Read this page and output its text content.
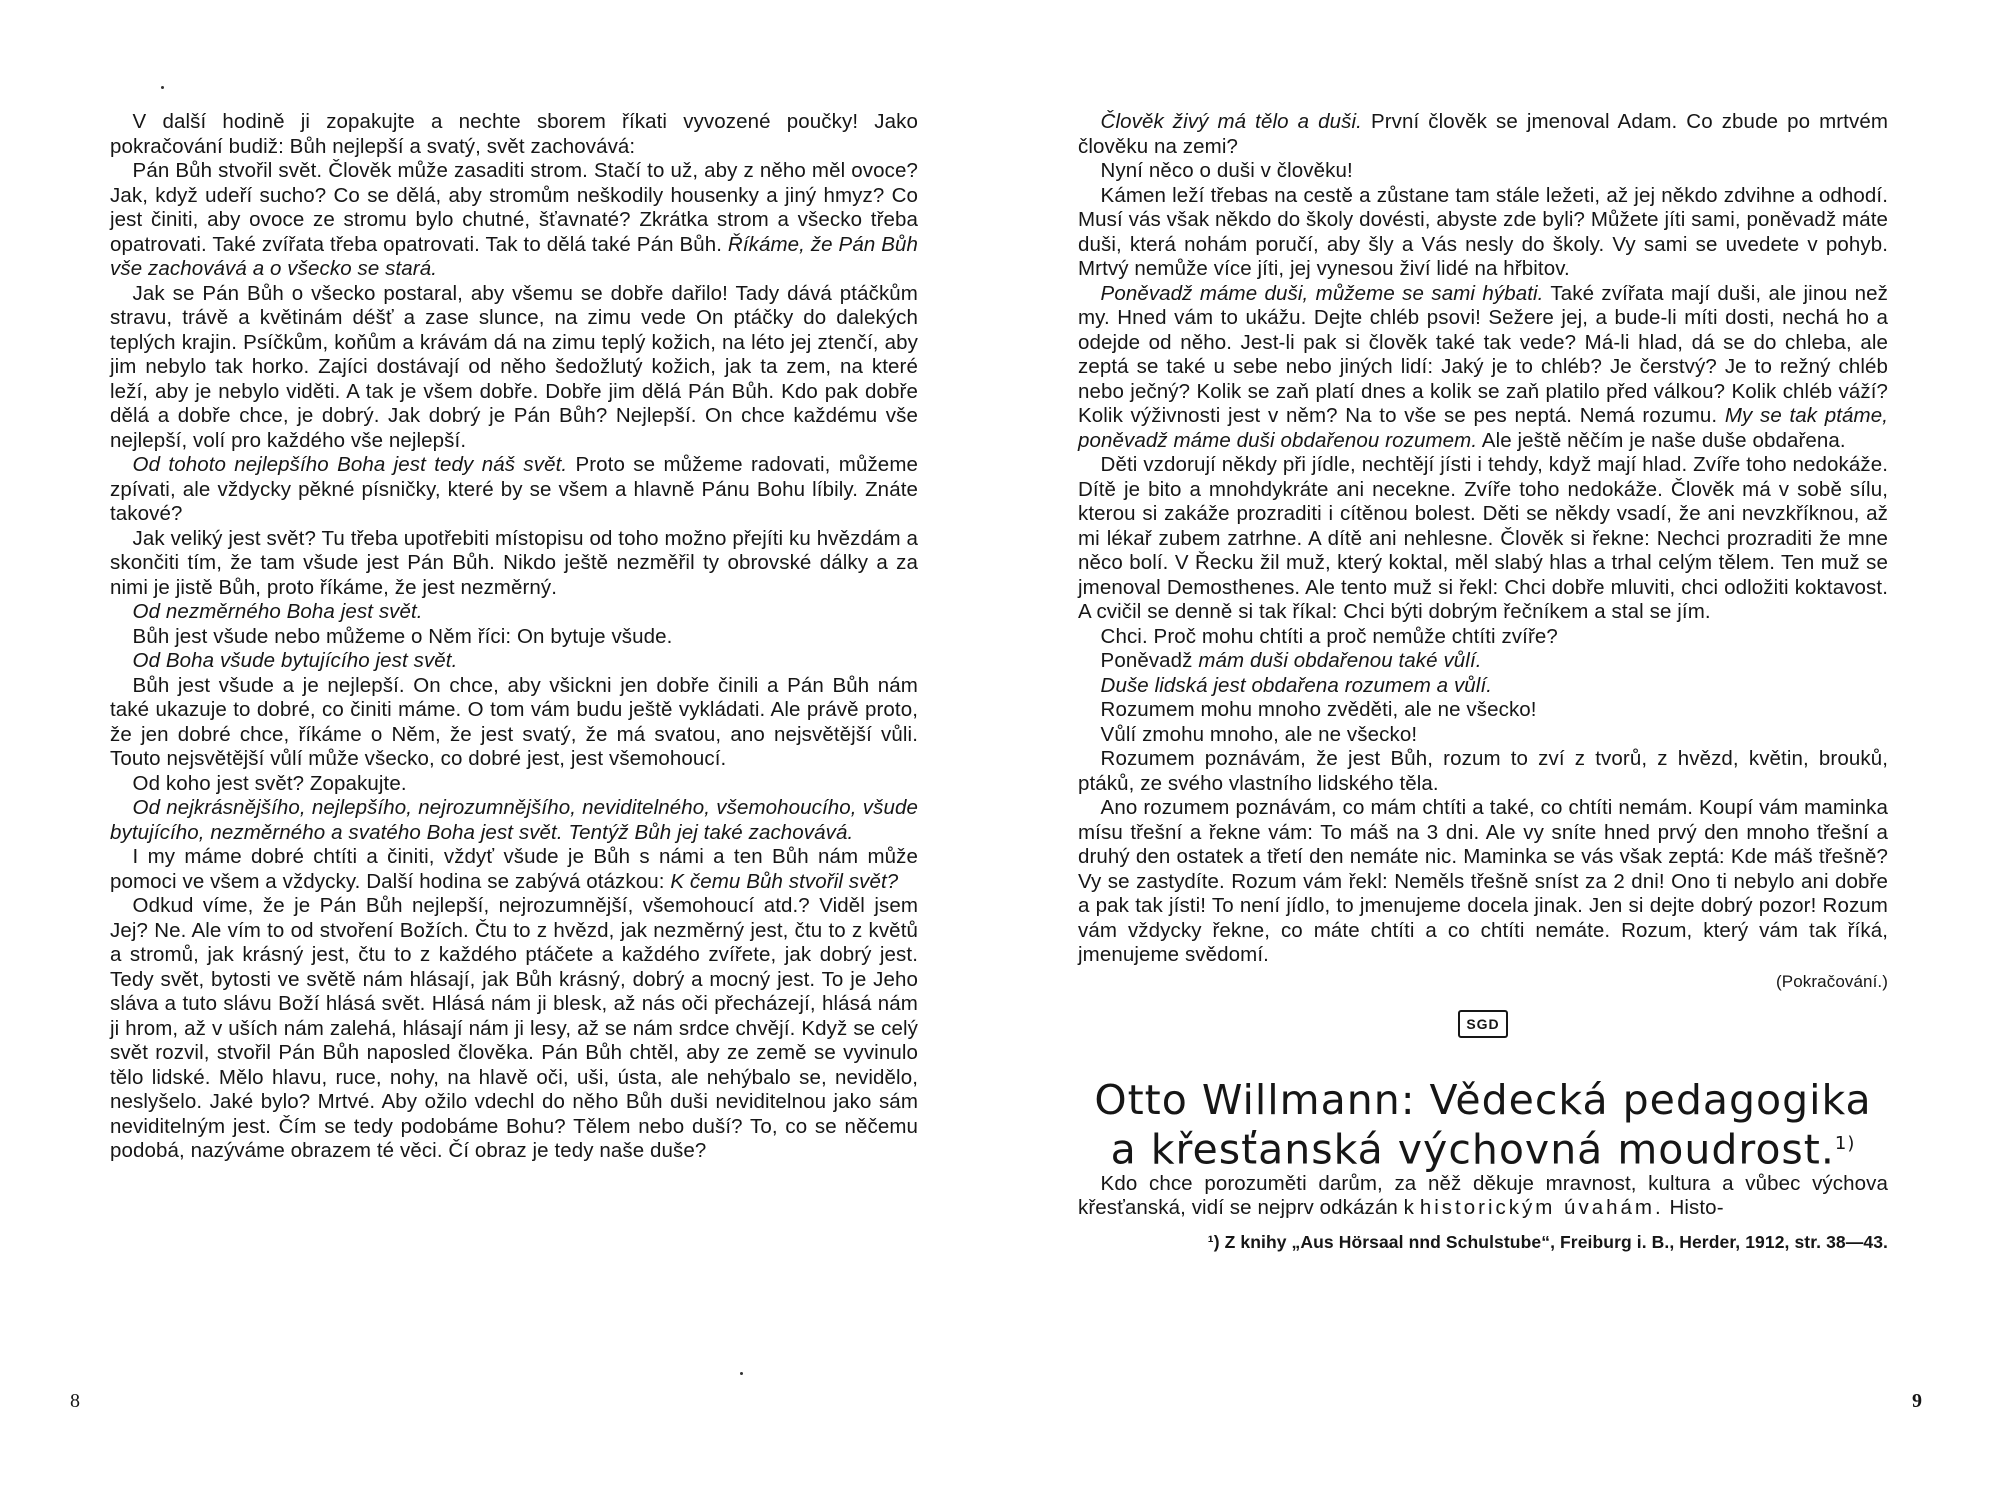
V další hodině ji zopakujte a nechte sborem říkati vyvozené poučky! Jako pokračování budiž: Bůh nejlepší a svatý, svět zachovává:

Pán Bůh stvořil svět. Člověk může zasaditi strom. Stačí to už, aby z něho měl ovoce? Jak, když udeří sucho? Co se dělá, aby stromům neškodily housenky a jiný hmyz? Co jest činiti, aby ovoce ze stromu bylo chutné, šťavnaté? Zkrátka strom a všecko třeba opatrovati. Také zvířata třeba opatrovati. Tak to dělá také Pán Bůh. Říkáme, že Pán Bůh vše zachovává a o všecko se stará.

Jak se Pán Bůh o všecko postaral, aby všemu se dobře dařilo! Tady dává ptáčkům stravu, trávě a květinám déšť a zase slunce, na zimu vede On ptáčky do dalekých teplých krajin. Psíčkům, koňům a krávám dá na zimu teplý kožich, na léto jej ztenčí, aby jim nebylo tak horko. Zajíci dostávají od něho šedožlutý kožich, jak ta zem, na které leží, aby je nebylo viděti. A tak je všem dobře. Dobře jim dělá Pán Bůh. Kdo pak dobře dělá a dobře chce, je dobrý. Jak dobrý je Pán Bůh? Nejlepší. On chce každému vše nejlepší, volí pro každého vše nejlepší.

Od tohoto nejlepšího Boha jest tedy náš svět. Proto se můžeme radovati, můžeme zpívati, ale vždycky pěkné písničky, které by se všem a hlavně Pánu Bohu líbily. Znáte takové?

Jak veliký jest svět? Tu třeba upotřebiti místopisu od toho možno přejíti ku hvězdám a skončiti tím, že tam všude jest Pán Bůh. Nikdo ještě nezměřil ty obrovské dálky a za nimi je jistě Bůh, proto říkáme, že jest nezměrný.

Od nezměrného Boha jest svět.

Bůh jest všude nebo můžeme o Něm říci: On bytuje všude.

Od Boha všude bytujícího jest svět.

Bůh jest všude a je nejlepší. On chce, aby všickni jen dobře činili a Pán Bůh nám také ukazuje to dobré, co činiti máme. O tom vám budu ještě vykládati. Ale právě proto, že jen dobré chce, říkáme o Něm, že jest svatý, že má svatou, ano nejsvětější vůli. Touto nejsvětější vůlí může všecko, co dobré jest, jest všemohoucí.

Od koho jest svět? Zopakujte.

Od nejkrásnějšího, nejlepšího, nejrozumnějšího, neviditelného, všemohoucího, všude bytujícího, nezměrného a svatého Boha jest svět. Tentýž Bůh jej také zachovává.

I my máme dobré chtíti a činiti, vždyť všude je Bůh s námi a ten Bůh nám může pomoci ve všem a vždycky. Další hodina se zabývá otázkou: K čemu Bůh stvořil svět?

Odkud víme, že je Pán Bůh nejlepší, nejrozumnější, všemohoucí atd.? Viděl jsem Jej? Ne. Ale vím to od stvoření Božích. Čtu to z hvězd, jak nezměrný jest, čtu to z květů a stromů, jak krásný jest, čtu to z každého ptáčete a každého zvířete, jak dobrý jest. Tedy svět, bytosti ve světě nám hlásají, jak Bůh krásný, dobrý a mocný jest. To je Jeho sláva a tuto slávu Boží hlásá svět. Hlásá nám ji blesk, až nás oči přecházejí, hlásá nám ji hrom, až v uších nám zalehá, hlásají nám ji lesy, až se nám srdce chvějí. Když se celý svět rozvil, stvořil Pán Bůh naposled člověka. Pán Bůh chtěl, aby ze země se vyvinulo tělo lidské. Mělo hlavu, ruce, nohy, na hlavě oči, uši, ústa, ale nehýbalo se, nevidělo, neslyšelo. Jaké bylo? Mrtvé. Aby ožilo vdechl do něho Bůh duši neviditelnou jako sám neviditelným jest. Čím se tedy podobáme Bohu? Tělem nebo duší? To, co se něčemu podobá, nazýváme obrazem té věci. Čí obraz je tedy naše duše?

Člověk živý má tělo a duši. První člověk se jmenoval Adam. Co zbude po mrtvém člověku na zemi?

Nyní něco o duši v člověku!

Kámen leží třebas na cestě a zůstane tam stále ležeti, až jej někdo zdvihne a odhodí. Musí vás však někdo do školy dovésti, abyste zde byli? Můžete jíti sami, poněvadž máte duši, která nohám poručí, aby šly a Vás nesly do školy. Vy sami se uvedete v pohyb. Mrtvý nemůže více jíti, jej vynesou živí lidé na hřbitov.

Poněvadž máme duši, můžeme se sami hýbati. Také zvířata mají duši, ale jinou než my. Hned vám to ukážu. Dejte chléb psovi! Sežere jej, a bude-li míti dosti, nechá ho a odejde od něho. Jest-li pak si člověk také tak vede? Má-li hlad, dá se do chleba, ale zeptá se také u sebe nebo jiných lidí: Jaký je to chléb? Je čerstvý? Je to režný chléb nebo ječný? Kolik se zaň platí dnes a kolik se zaň platilo před válkou? Kolik chléb váží? Kolik výživnosti jest v něm? Na to vše se pes neptá. Nemá rozumu. My se tak ptáme, poněvadž máme duši obdařenou rozumem. Ale ještě něčím je naše duše obdařena.

Děti vzdorují někdy při jídle, nechtějí jísti i tehdy, když mají hlad. Zvíře toho nedokáže. Dítě je bito a mnohdykráte ani necekne. Zvíře toho nedokáže. Člověk má v sobě sílu, kterou si zakáže prozraditi i cítěnou bolest. Děti se někdy vsadí, že ani nevzkříknou, až mi lékař zubem zatrhne. A dítě ani nehlesne. Člověk si řekne: Nechci prozraditi že mne něco bolí. V Řecku žil muž, který koktal, měl slabý hlas a trhal celým tělem. Ten muž se jmenoval Demosthenes. Ale tento muž si řekl: Chci dobře mluviti, chci odložiti koktavost. A cvičil se denně si tak říkal: Chci býti dobrým řečníkem a stal se jím.

Chci. Proč mohu chtíti a proč nemůže chtíti zvíře?

Poněvadž mám duši obdařenou také vůlí.

Duše lidská jest obdařena rozumem a vůlí.

Rozumem mohu mnoho zvěděti, ale ne všecko!

Vůlí zmohu mnoho, ale ne všecko!

Rozumem poznávám, že jest Bůh, rozum to zví z tvorů, z hvězd, květin, brouků, ptáků, ze svého vlastního lidského těla.

Ano rozumem poznávám, co mám chtíti a také, co chtíti nemám. Koupí vám maminka mísu třešní a řekne vám: To máš na 3 dni. Ale vy sníte hned prvý den mnoho třešní a druhý den ostatek a třetí den nemáte nic. Maminka se vás však zeptá: Kde máš třešně? Vy se zastydíte. Rozum vám řekl: Neměls třešně sníst za 2 dni! Ono ti nebylo ani dobře a pak tak jísti! To není jídlo, to jmenujeme docela jinak. Jen si dejte dobrý pozor! Rozum vám vždycky řekne, co máte chtíti a co chtíti nemáte. Rozum, který vám tak říká, jmenujeme svědomí.

(Pokračování.)
SGD
Otto Willmann: Vědecká pedagogika
a křesťanská výchovná moudrost.$^{1)}$

Kdo chce porozuměti darům, za něž děkuje mravnost, kultura a vůbec výchova křesťanská, vidí se nejprv odkázán k historickým úvahám. Histo-

¹) Z knihy „Aus Hörsaal nnd Schulstube“, Freiburg i. B., Herder, 1912, str. 38—43.
8	9
